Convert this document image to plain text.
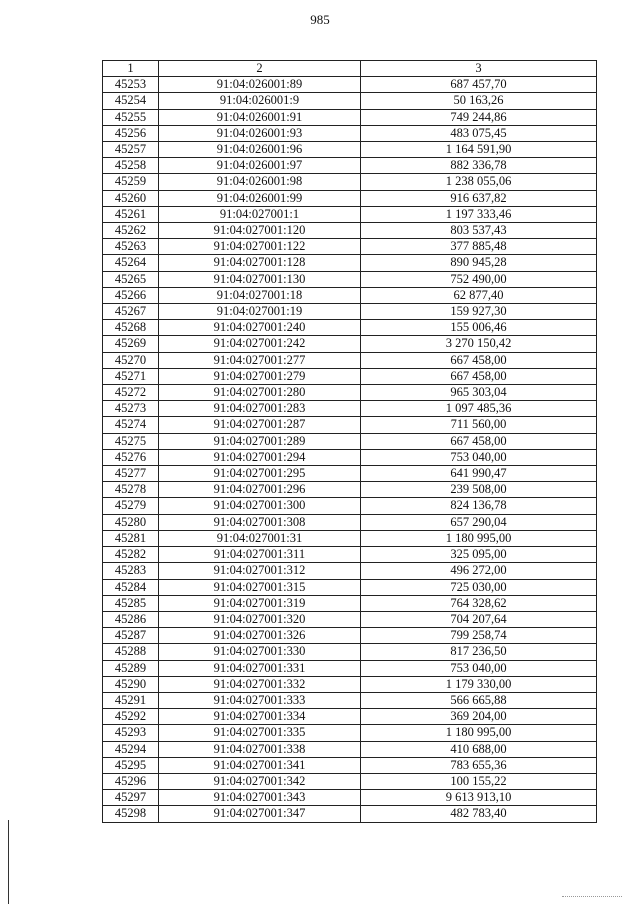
985
1	2	3
45253	91:04:026001:89	687 457,70
45254	91:04:026001:9	50 163,26
45255	91:04:026001:91	749 244,86
45256	91:04:026001:93	483 075,45
45257	91:04:026001:96	1 164 591,90
45258	91:04:026001:97	882 336,78
45259	91:04:026001:98	1 238 055,06
45260	91:04:026001:99	916 637,82
45261	91:04:027001:1	1 197 333,46
45262	91:04:027001:120	803 537,43
45263	91:04:027001:122	377 885,48
45264	91:04:027001:128	890 945,28
45265	91:04:027001:130	752 490,00
45266	91:04:027001:18	62 877,40
45267	91:04:027001:19	159 927,30
45268	91:04:027001:240	155 006,46
45269	91:04:027001:242	3 270 150,42
45270	91:04:027001:277	667 458,00
45271	91:04:027001:279	667 458,00
45272	91:04:027001:280	965 303,04
45273	91:04:027001:283	1 097 485,36
45274	91:04:027001:287	711 560,00
45275	91:04:027001:289	667 458,00
45276	91:04:027001:294	753 040,00
45277	91:04:027001:295	641 990,47
45278	91:04:027001:296	239 508,00
45279	91:04:027001:300	824 136,78
45280	91:04:027001:308	657 290,04
45281	91:04:027001:31	1 180 995,00
45282	91:04:027001:311	325 095,00
45283	91:04:027001:312	496 272,00
45284	91:04:027001:315	725 030,00
45285	91:04:027001:319	764 328,62
45286	91:04:027001:320	704 207,64
45287	91:04:027001:326	799 258,74
45288	91:04:027001:330	817 236,50
45289	91:04:027001:331	753 040,00
45290	91:04:027001:332	1 179 330,00
45291	91:04:027001:333	566 665,88
45292	91:04:027001:334	369 204,00
45293	91:04:027001:335	1 180 995,00
45294	91:04:027001:338	410 688,00
45295	91:04:027001:341	783 655,36
45296	91:04:027001:342	100 155,22
45297	91:04:027001:343	9 613 913,10
45298	91:04:027001:347	482 783,40
